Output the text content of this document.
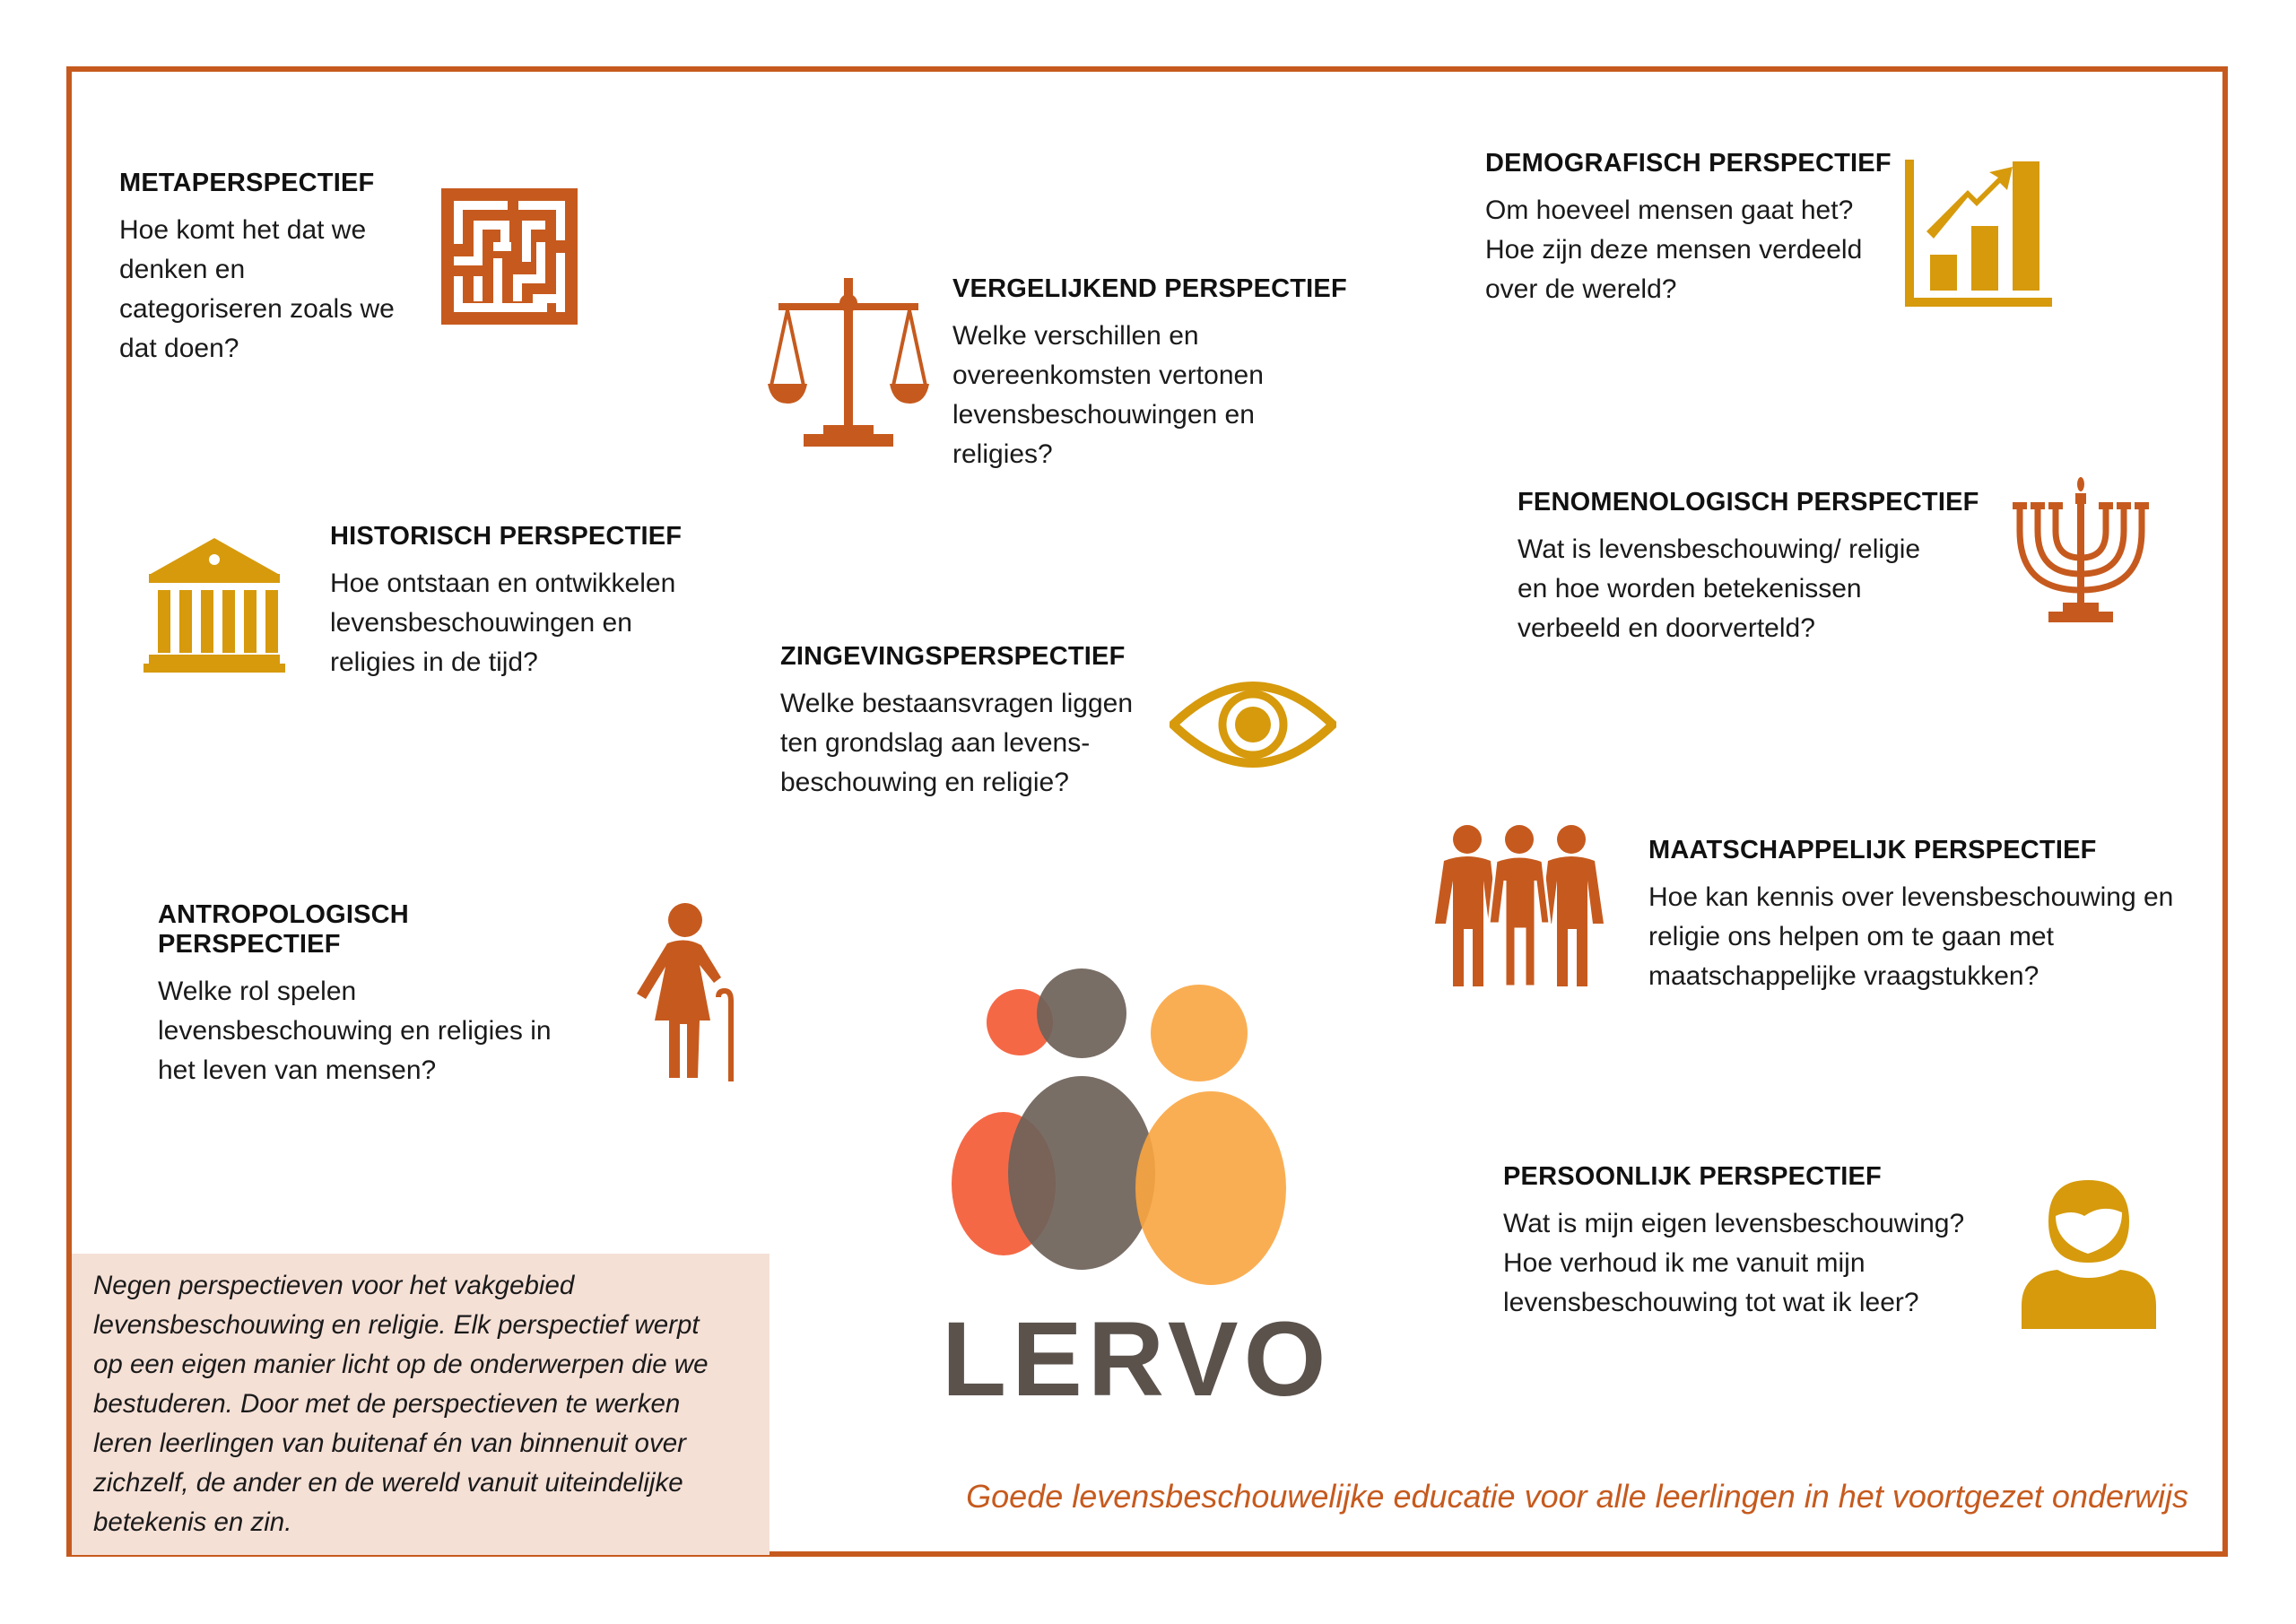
METAPERSPECTIEF

Hoe komt het dat we

denken en

categoriseren zoals we

dat doen?

VERGELIJKEND PERSPECTIEF

Welke verschillen en

overeenkomsten vertonen

levensbeschouwingen en

religies?

DEMOGRAFISCH PERSPECTIEF

Om hoeveel mensen gaat het?

Hoe zijn deze mensen verdeeld

over de wereld?

HISTORISCH PERSPECTIEF

Hoe ontstaan en ontwikkelen

levensbeschouwingen en

religies in de tijd?

FENOMENOLOGISCH PERSPECTIEF

Wat is levensbeschouwing/ religie

en hoe worden betekenissen

verbeeld en doorverteld?

ZINGEVINGSPERSPECTIEF

Welke bestaansvragen liggen

ten grondslag aan levens-

beschouwing en religie?

MAATSCHAPPELIJK PERSPECTIEF

Hoe kan kennis over levensbeschouwing en

religie ons helpen om te gaan met

maatschappelijke vraagstukken?

ANTROPOLOGISCH PERSPECTIEF

Welke rol spelen

levensbeschouwing en religies in

het leven van mensen?

PERSOONLIJK PERSPECTIEF

Wat is mijn eigen levensbeschouwing?

Hoe verhoud ik me vanuit mijn

levensbeschouwing tot wat ik leer?

LERVO

Negen perspectieven voor het vakgebied

levensbeschouwing en religie. Elk perspectief werpt

op een eigen manier licht op de onderwerpen die we

bestuderen. Door met de perspectieven te werken

leren leerlingen van buitenaf én van binnenuit over

zichzelf, de ander en de wereld vanuit uiteindelijke

betekenis en zin.

Goede levensbeschouwelijke educatie voor alle leerlingen in het voortgezet onderwijs
